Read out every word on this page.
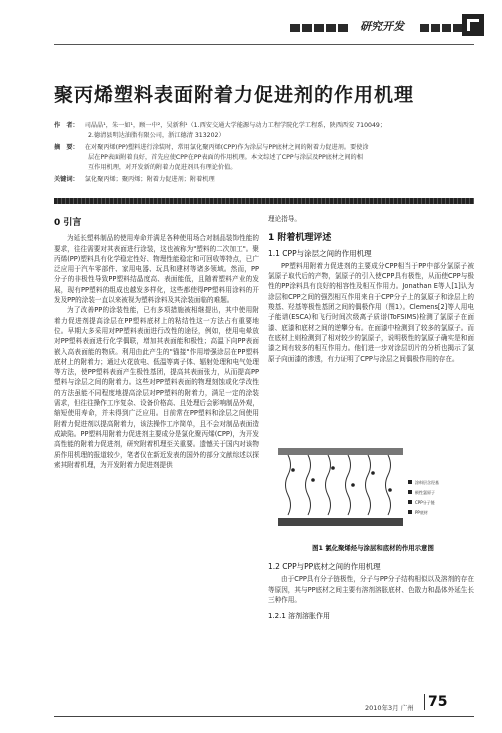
研究开发
聚丙烯塑料表面附着力促进剂的作用机理
作　者： 司晶晶¹，朱一如¹，顾一中²，吴新利¹（1.西安交通大学能源与动力工程学院化学工程系，陕西西安 710049；
2.德清县明达油脂有限公司，浙江德清 313202）
摘　要： 在对聚丙烯(PP)塑料进行涂装时，常用氯化聚丙烯(CPP)作为涂层与PP底材之间的附着力促进剂。要使涂
层在PP表面附着良好，首先应使CPP在PP表面的作用机理。本文综述了CPP与涂层及PP底材之间的相
互作用机理，对开发新的附着力促进剂具有理论价值。
关键词： 氯化聚丙烯；聚丙烯；附着力促进剂；附着机理
0 引言

为延长塑料制品的使用寿命并满足各种使用场合对制品装饰性能的要求，往往需要对其表面进行涂装，这也被称为"塑料的二次加工"。聚丙烯(PP)塑料具有化学稳定性好、物理性能稳定和可回收等特点，已广泛应用于汽车零部件、家用电器、玩具和建材等诸多领域。然而，PP分子的非极性导致PP塑料结晶度高、表面能低，且随着塑料产业的发展，现有PP塑料的组成也越发多样化，这些都使得PP塑料用涂料的开发及PP的涂装一直以来被视为塑料涂料及其涂装面临的难题。

为了改善PP的涂装性能，已有多项措施被相继提出，其中使用附着力促进剂提高涂层在PP塑料底材上的粘结性这一方法占有重要地位。早期大多采用对PP塑料表面进行改性的途径，例如，使用电晕放对PP塑料表面进行化学偶联，增加其表面能和极性；高温下向PP表面嵌入高表面能的物质。利用由此产生的"锚接"作用增强涂层在PP塑料底材上的附着力；通过火花放电、低温等离子体、辐射处理和电气处理等方法，使PP塑料表面产生极性基团，提高其表面张力，从而提高PP塑料与涂层之间的附着力。这些对PP塑料表面的物理刻蚀或化学改性的方法虽能不同程度地提高涂层对PP塑料的附着力，满足一定的涂装需求，但往往操作工序复杂、设备价格高、且处理后会影响制品外观，缩短使用寿命，并未得到广泛应用。目前常在PP塑料和涂层之间使用附着力促进剂以提高附着力，该法操作工序简单，且不会对制品表面造成缺陷。PP塑料用附着力促进剂主要成分是氯化聚丙烯(CPP)，为开发高性能的附着力促进剂，研究附着机理至关重要。遗憾关于国内对该物质作用机理的报道较少，笔者仅在新近发表的国外的部分文献综述以探索其附着机理，为开发附着力促进剂提供

理论指导。
1 附着机理评述
1.1 CPP与涂层之间的作用机理

PP塑料用附着力促进剂的主要成分CPP相当于PP中部分氯原子被氯原子取代后的产物，氯原子的引入使CPP具有极性，从而使CPP与极性的PP涂料具有良好的相容性及相互作用力。Jonathan E等人[1]认为涂层和CPP之间的强烈相互作用来自于CPP分子上的氯原子和涂层上的羧基、羟基等极性基团之间的偶极作用（图1）。Clemens[2]等人用电子能谱(ESCA)和飞行时间次级离子质谱(ToFSIMS)检测了氯原子在面漆、底漆和底材之间的逆攀分布。在面漆中检测到了较多的氯原子。而在底材上则检测到了相对较少的氯原子，说明极性的氯原子确实是和面漆之间有较多的相互作用力。他们进一步对涂层切片的分析也揭示了氯原子向面漆的渗透，有力证明了CPP与涂层之间偶极作用的存在。

涂料层含羟基
极性氯原子
CPP分子链
PP底材
图1 氯化聚烯烃与涂层和底材的作用示意图
1.2 CPP与PP底材之间的作用机理

由于CPP具有分子链极性，分子与PP分子结构相似以及溶剂的存在等原因，其与PP底材之间主要有溶剂溶胀底材、色散力和晶体外延生长三种作用。

1.2.1 溶剂溶胀作用
2010年3月 广州 75
